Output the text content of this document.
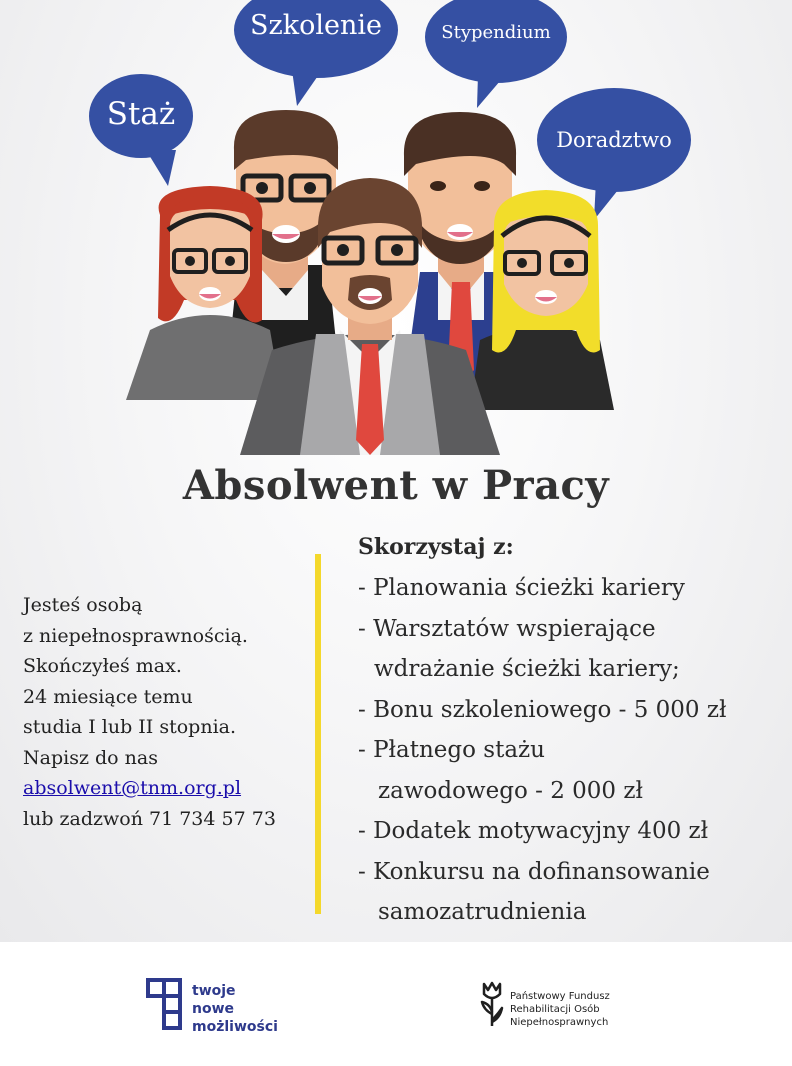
Staż
Szkolenie	Stypendium
Doradztwo
Absolwent w Pracy
Jesteś osobą
z niepełnosprawnością.
Skończyłeś max.
24 miesiące temu
studia I lub II stopnia.
Napisz do nas
absolwent@tnm.org.pl
lub zadzwoń 71 734 57 73

Skorzystaj z:

- Planowania ścieżki kariery
- Warsztatów wspierające
wdrażanie ścieżki kariery;
- Bonu szkoleniowego - 5 000 zł
- Płatnego stażu
zawodowego - 2 000 zł
- Dodatek motywacyjny 400 zł
- Konkursu na dofinansowanie
samozatrudnienia
twoje
nowe
możliwości
Państwowy Fundusz
Rehabilitacji Osób
Niepełnosprawnych
